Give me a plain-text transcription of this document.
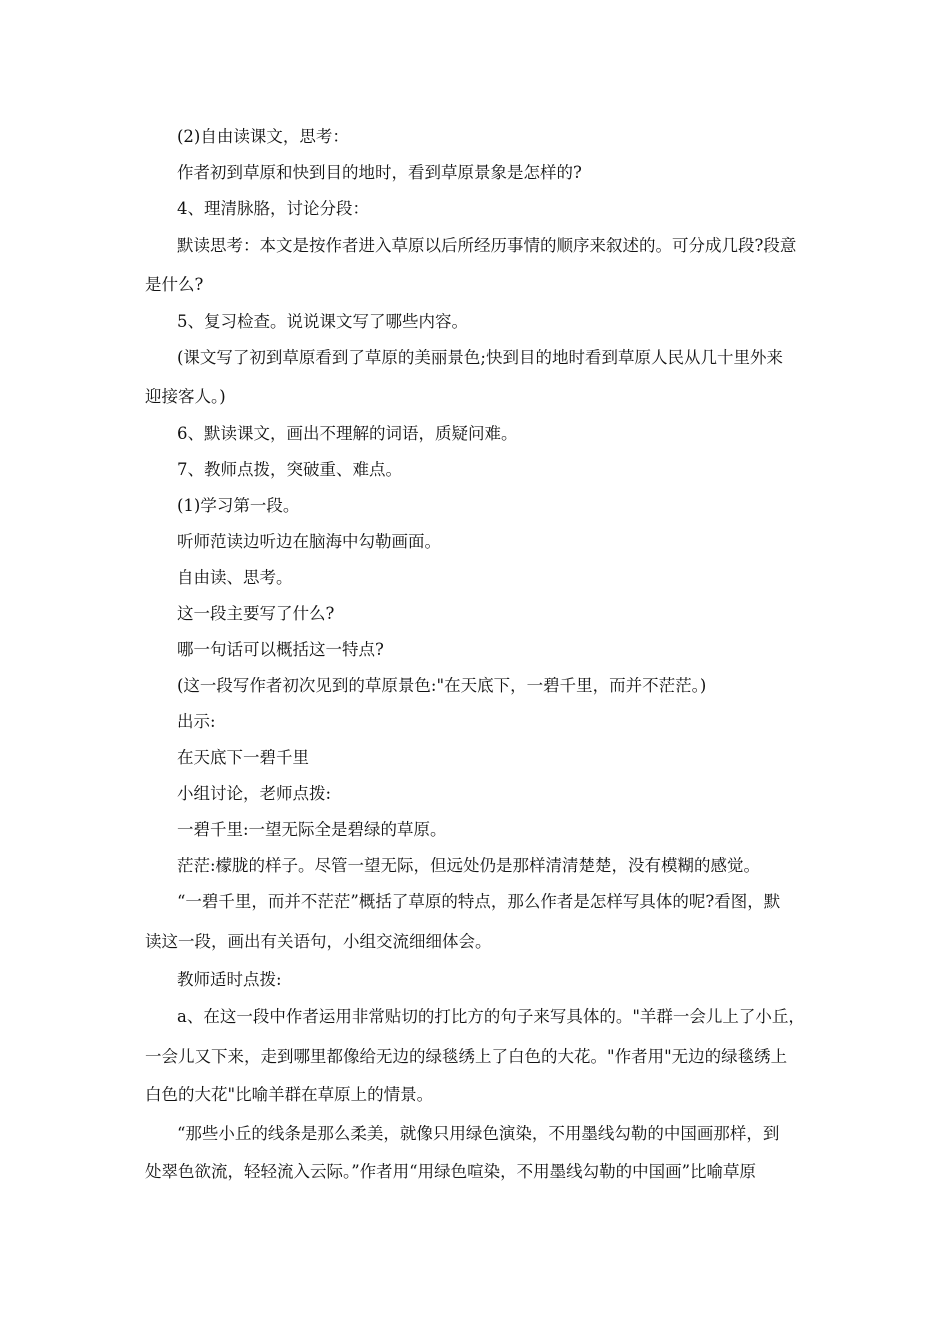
(2)自由读课文，思考：
作者初到草原和快到目的地时，看到草原景象是怎样的?
4、理清脉胳，讨论分段：
默读思考：本文是按作者进入草原以后所经历事情的顺序来叙述的。可分成几段?段意
是什么?
5、复习检查。说说课文写了哪些内容。
(课文写了初到草原看到了草原的美丽景色;快到目的地时看到草原人民从几十里外来
迎接客人。)
6、默读课文，画出不理解的词语，质疑问难。
7、教师点拨，突破重、难点。
(1)学习第一段。
听师范读边听边在脑海中勾勒画面。
自由读、思考。
这一段主要写了什么?
哪一句话可以概括这一特点?
(这一段写作者初次见到的草原景色:"在天底下，一碧千里，而并不茫茫。)
出示:
在天底下一碧千里
小组讨论，老师点拨:
一碧千里:一望无际全是碧绿的草原。
茫茫:檬胧的样子。尽管一望无际，但远处仍是那样清清楚楚，没有模糊的感觉。
“一碧千里，而并不茫茫”概括了草原的特点，那么作者是怎样写具体的呢?看图，默
读这一段，画出有关语句，小组交流细细体会。
教师适时点拨:
a、在这一段中作者运用非常贴切的打比方的句子来写具体的。"羊群一会儿上了小丘，
一会儿又下来，走到哪里都像给无边的绿毯绣上了白色的大花。"作者用"无边的绿毯绣上
白色的大花"比喻羊群在草原上的情景。
“那些小丘的线条是那么柔美，就像只用绿色演染，不用墨线勾勒的中国画那样，到
处翠色欲流，轻轻流入云际。”作者用“用绿色喧染，不用墨线勾勒的中国画”比喻草原
